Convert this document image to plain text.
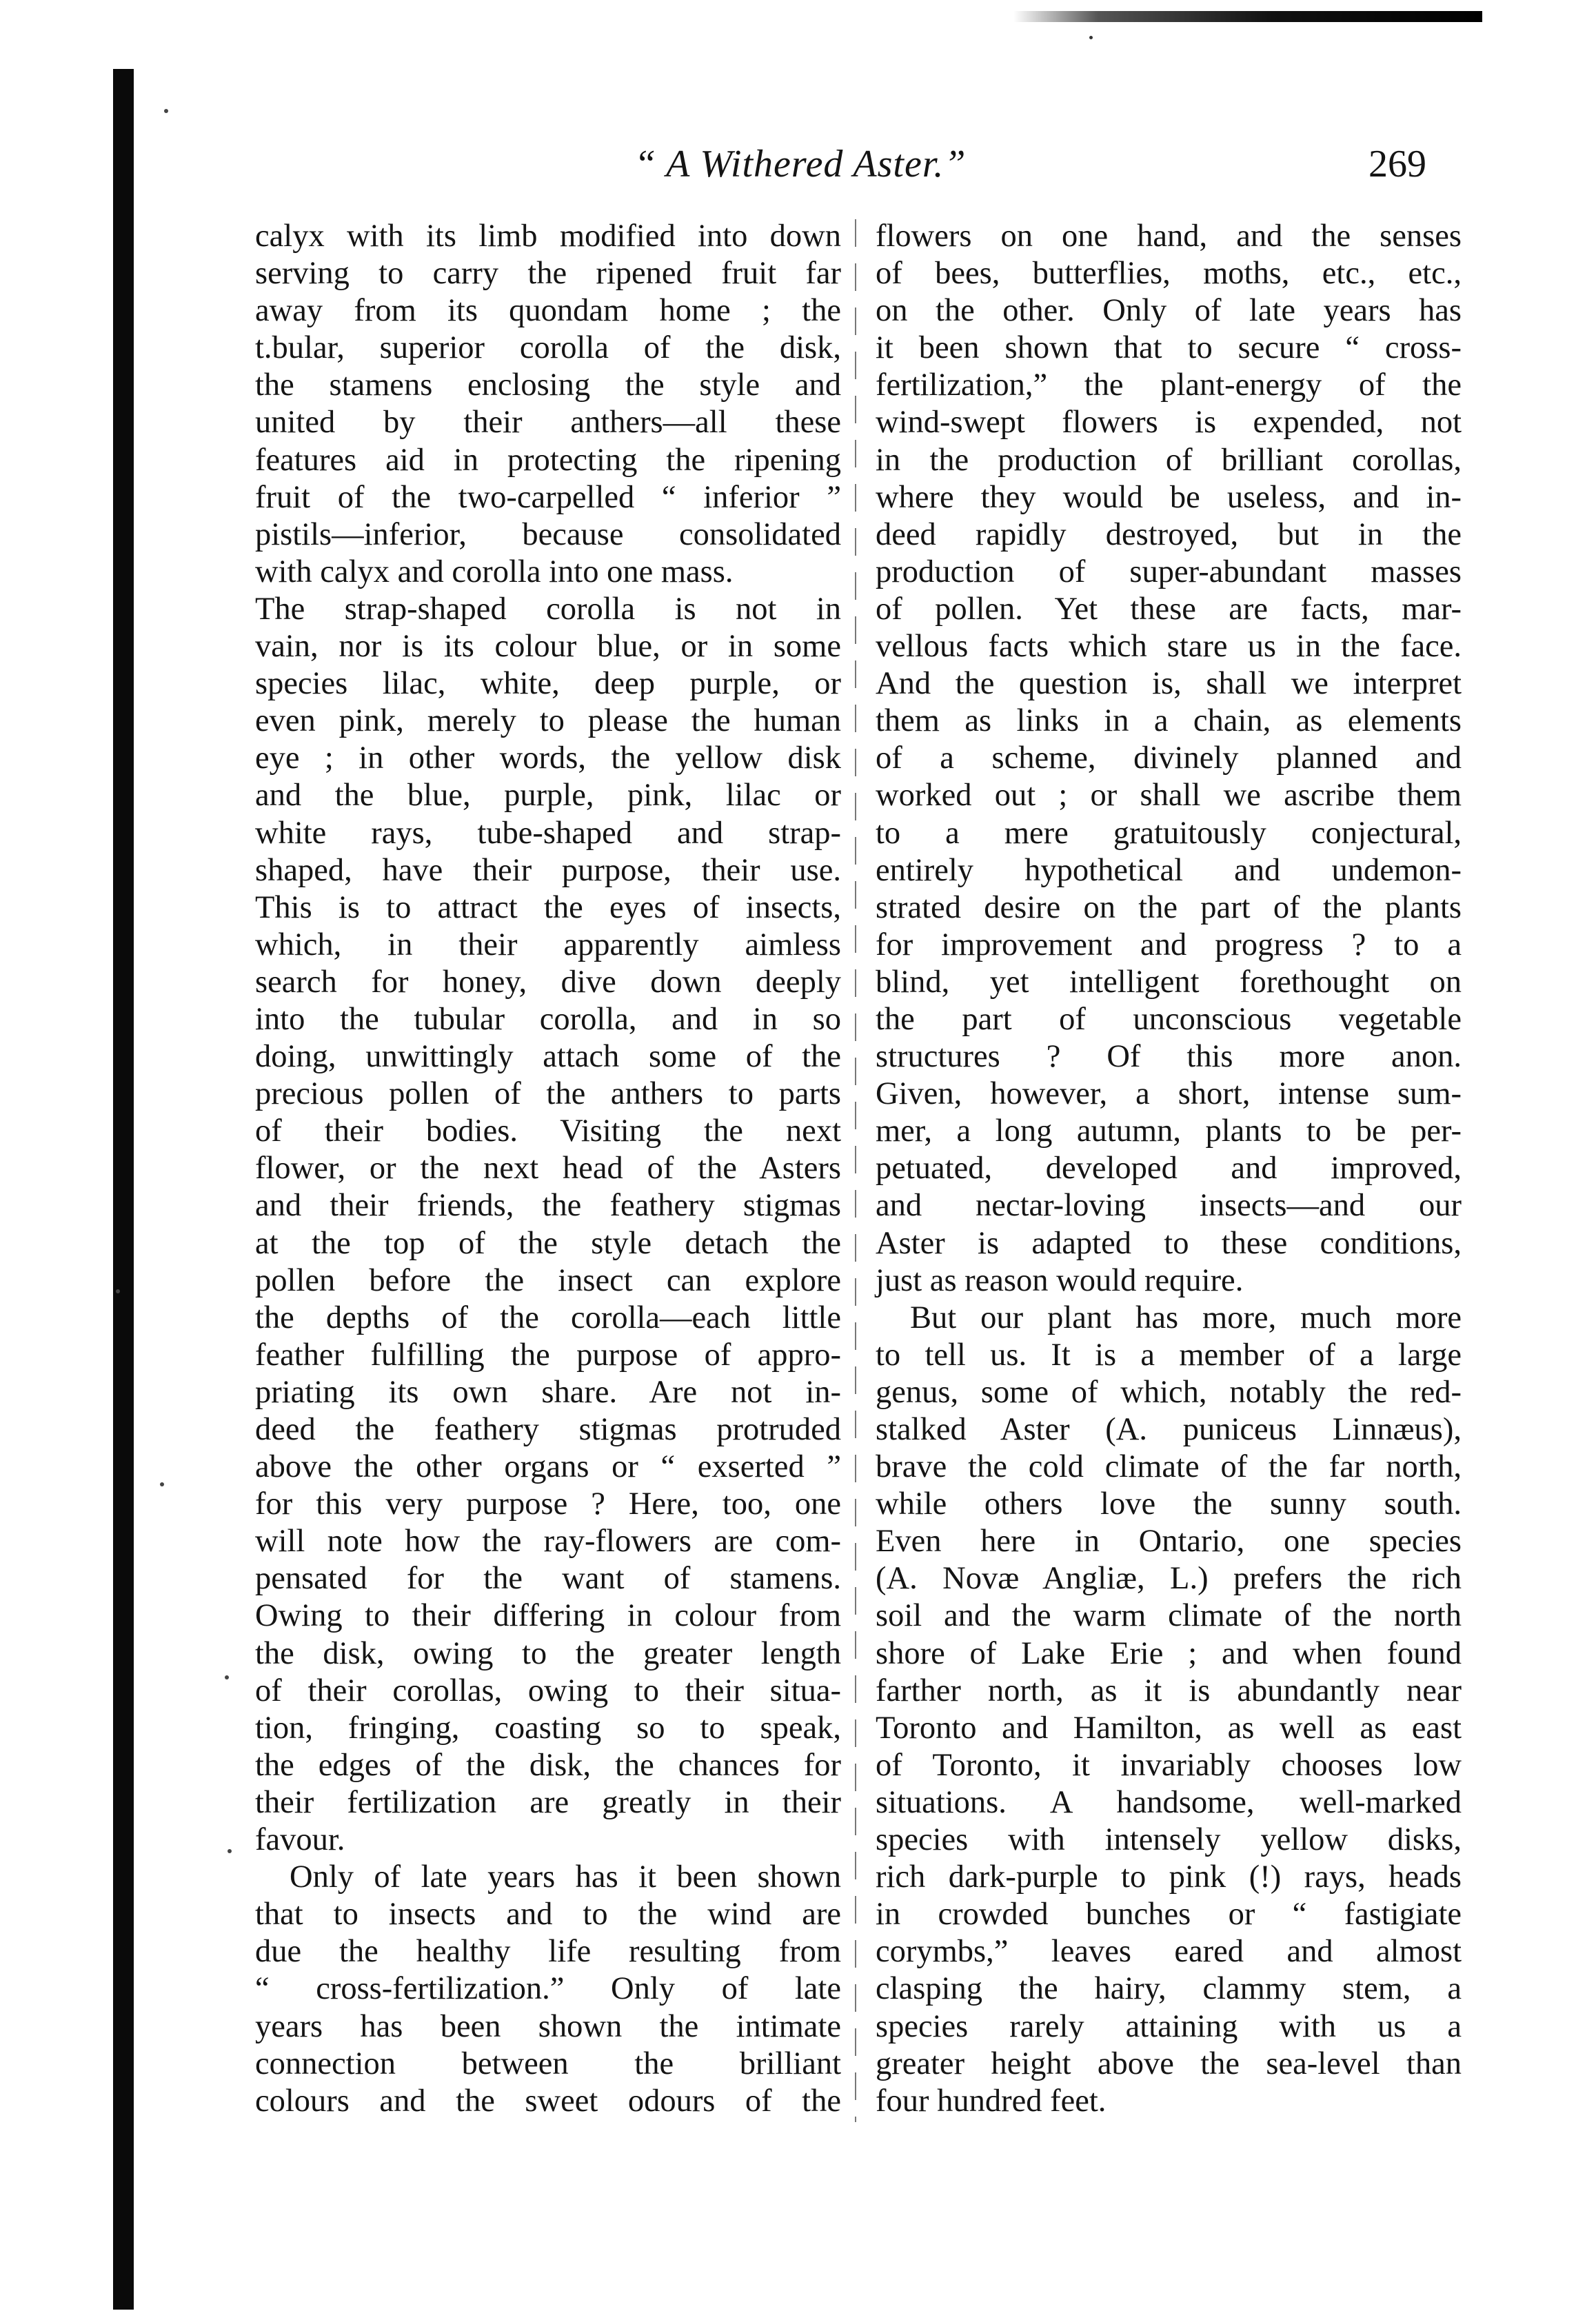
“ A Withered Aster.”	269
calyx with its limb modified into down
serving to carry the ripened fruit far
away from its quondam home ; the
t.bular, superior corolla of the disk,
the stamens enclosing the style and
united by their anthers—all these
features aid in protecting the ripening
fruit of the two-carpelled “ inferior ”
pistils—inferior, because consolidated
with calyx and corolla into one mass.
The strap-shaped corolla is not in
vain, nor is its colour blue, or in some
species lilac, white, deep purple, or
even pink, merely to please the human
eye ; in other words, the yellow disk
and the blue, purple, pink, lilac or
white rays, tube-shaped and strap-
shaped, have their purpose, their use.
This is to attract the eyes of insects,
which, in their apparently aimless
search for honey, dive down deeply
into the tubular corolla, and in so
doing, unwittingly attach some of the
precious pollen of the anthers to parts
of their bodies. Visiting the next
flower, or the next head of the Asters
and their friends, the feathery stigmas
at the top of the style detach the
pollen before the insect can explore
the depths of the corolla—each little
feather fulfilling the purpose of appro-
priating its own share. Are not in-
deed the feathery stigmas protruded
above the other organs or “ exserted ”
for this very purpose ? Here, too, one
will note how the ray-flowers are com-
pensated for the want of stamens.
Owing to their differing in colour from
the disk, owing to the greater length
of their corollas, owing to their situa-
tion, fringing, coasting so to speak,
the edges of the disk, the chances for
their fertilization are greatly in their
favour.
Only of late years has it been shown
that to insects and to the wind are
due the healthy life resulting from
“ cross-fertilization.” Only of late
years has been shown the intimate
connection between the brilliant
colours and the sweet odours of the
flowers on one hand, and the senses
of bees, butterflies, moths, etc., etc.,
on the other. Only of late years has
it been shown that to secure “ cross-
fertilization,” the plant-energy of the
wind-swept flowers is expended, not
in the production of brilliant corollas,
where they would be useless, and in-
deed rapidly destroyed, but in the
production of super-abundant masses
of pollen. Yet these are facts, mar-
vellous facts which stare us in the face.
And the question is, shall we interpret
them as links in a chain, as elements
of a scheme, divinely planned and
worked out ; or shall we ascribe them
to a mere gratuitously conjectural,
entirely hypothetical and undemon-
strated desire on the part of the plants
for improvement and progress ? to a
blind, yet intelligent forethought on
the part of unconscious vegetable
structures ? Of this more anon.
Given, however, a short, intense sum-
mer, a long autumn, plants to be per-
petuated, developed and improved,
and nectar-loving insects—and our
Aster is adapted to these conditions,
just as reason would require.
But our plant has more, much more
to tell us. It is a member of a large
genus, some of which, notably the red-
stalked Aster (A. puniceus Linnæus),
brave the cold climate of the far north,
while others love the sunny south.
Even here in Ontario, one species
(A. Novæ Angliæ, L.) prefers the rich
soil and the warm climate of the north
shore of Lake Erie ; and when found
farther north, as it is abundantly near
Toronto and Hamilton, as well as east
of Toronto, it invariably chooses low
situations. A handsome, well-marked
species with intensely yellow disks,
rich dark-purple to pink (!) rays, heads
in crowded bunches or “ fastigiate
corymbs,” leaves eared and almost
clasping the hairy, clammy stem, a
species rarely attaining with us a
greater height above the sea-level than
four hundred feet.
